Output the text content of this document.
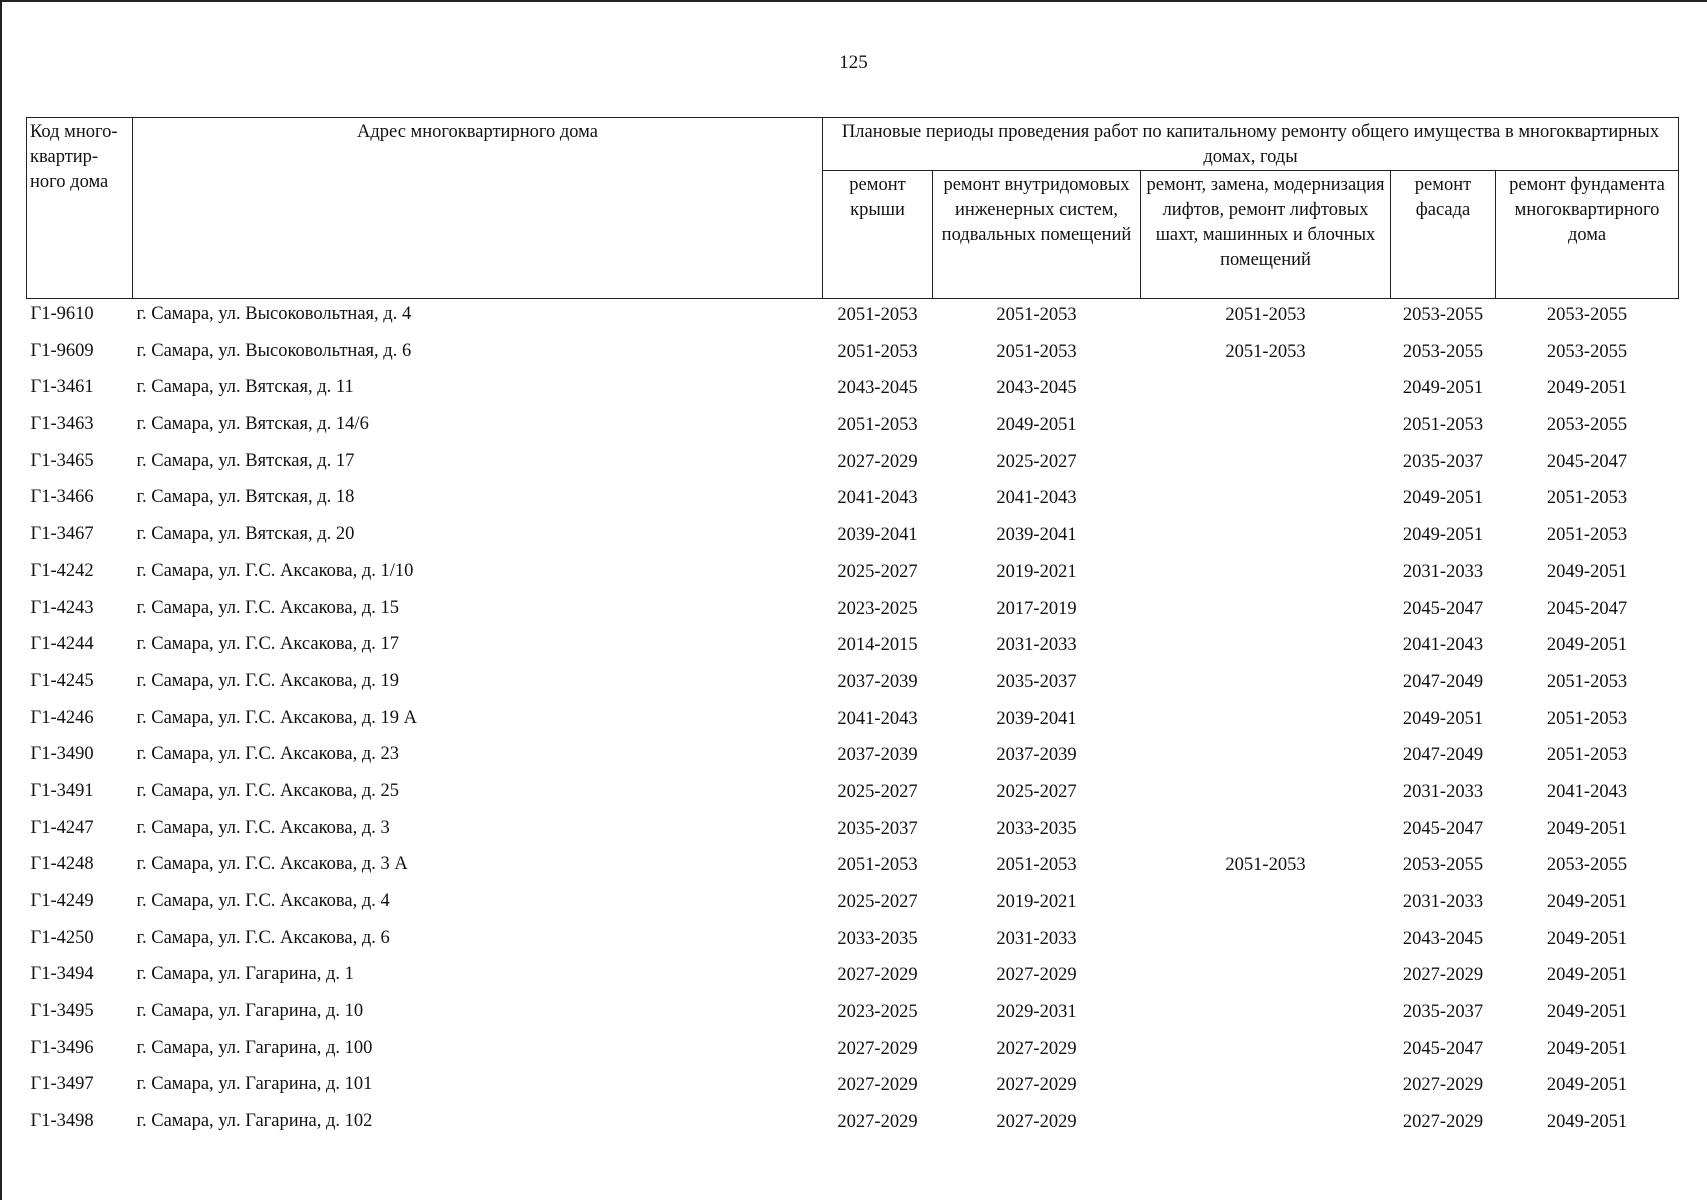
125
Код много-квартир-ного дома	Адрес многоквартирного дома	Плановые периоды проведения работ по капитальному ремонту общего имущества в многоквартирных домах, годы				
		ремонт крыши	ремонт внутридомовых инженерных систем, подвальных помещений	ремонт, замена, модернизация лифтов, ремонт лифтовых шахт, машинных и блочных помещений	ремонт фасада	ремонт фундамента многоквартирного дома
Г1-9610	г. Самара, ул. Высоковольтная, д. 4	2051-2053	2051-2053	2051-2053	2053-2055	2053-2055
Г1-9609	г. Самара, ул. Высоковольтная, д. 6	2051-2053	2051-2053	2051-2053	2053-2055	2053-2055
Г1-3461	г. Самара, ул. Вятская, д. 11	2043-2045	2043-2045		2049-2051	2049-2051
Г1-3463	г. Самара, ул. Вятская, д. 14/6	2051-2053	2049-2051		2051-2053	2053-2055
Г1-3465	г. Самара, ул. Вятская, д. 17	2027-2029	2025-2027		2035-2037	2045-2047
Г1-3466	г. Самара, ул. Вятская, д. 18	2041-2043	2041-2043		2049-2051	2051-2053
Г1-3467	г. Самара, ул. Вятская, д. 20	2039-2041	2039-2041		2049-2051	2051-2053
Г1-4242	г. Самара, ул. Г.С. Аксакова, д. 1/10	2025-2027	2019-2021		2031-2033	2049-2051
Г1-4243	г. Самара, ул. Г.С. Аксакова, д. 15	2023-2025	2017-2019		2045-2047	2045-2047
Г1-4244	г. Самара, ул. Г.С. Аксакова, д. 17	2014-2015	2031-2033		2041-2043	2049-2051
Г1-4245	г. Самара, ул. Г.С. Аксакова, д. 19	2037-2039	2035-2037		2047-2049	2051-2053
Г1-4246	г. Самара, ул. Г.С. Аксакова, д. 19 А	2041-2043	2039-2041		2049-2051	2051-2053
Г1-3490	г. Самара, ул. Г.С. Аксакова, д. 23	2037-2039	2037-2039		2047-2049	2051-2053
Г1-3491	г. Самара, ул. Г.С. Аксакова, д. 25	2025-2027	2025-2027		2031-2033	2041-2043
Г1-4247	г. Самара, ул. Г.С. Аксакова, д. 3	2035-2037	2033-2035		2045-2047	2049-2051
Г1-4248	г. Самара, ул. Г.С. Аксакова, д. 3 А	2051-2053	2051-2053	2051-2053	2053-2055	2053-2055
Г1-4249	г. Самара, ул. Г.С. Аксакова, д. 4	2025-2027	2019-2021		2031-2033	2049-2051
Г1-4250	г. Самара, ул. Г.С. Аксакова, д. 6	2033-2035	2031-2033		2043-2045	2049-2051
Г1-3494	г. Самара, ул. Гагарина, д. 1	2027-2029	2027-2029		2027-2029	2049-2051
Г1-3495	г. Самара, ул. Гагарина, д. 10	2023-2025	2029-2031		2035-2037	2049-2051
Г1-3496	г. Самара, ул. Гагарина, д. 100	2027-2029	2027-2029		2045-2047	2049-2051
Г1-3497	г. Самара, ул. Гагарина, д. 101	2027-2029	2027-2029		2027-2029	2049-2051
Г1-3498	г. Самара, ул. Гагарина, д. 102	2027-2029	2027-2029		2027-2029	2049-2051
